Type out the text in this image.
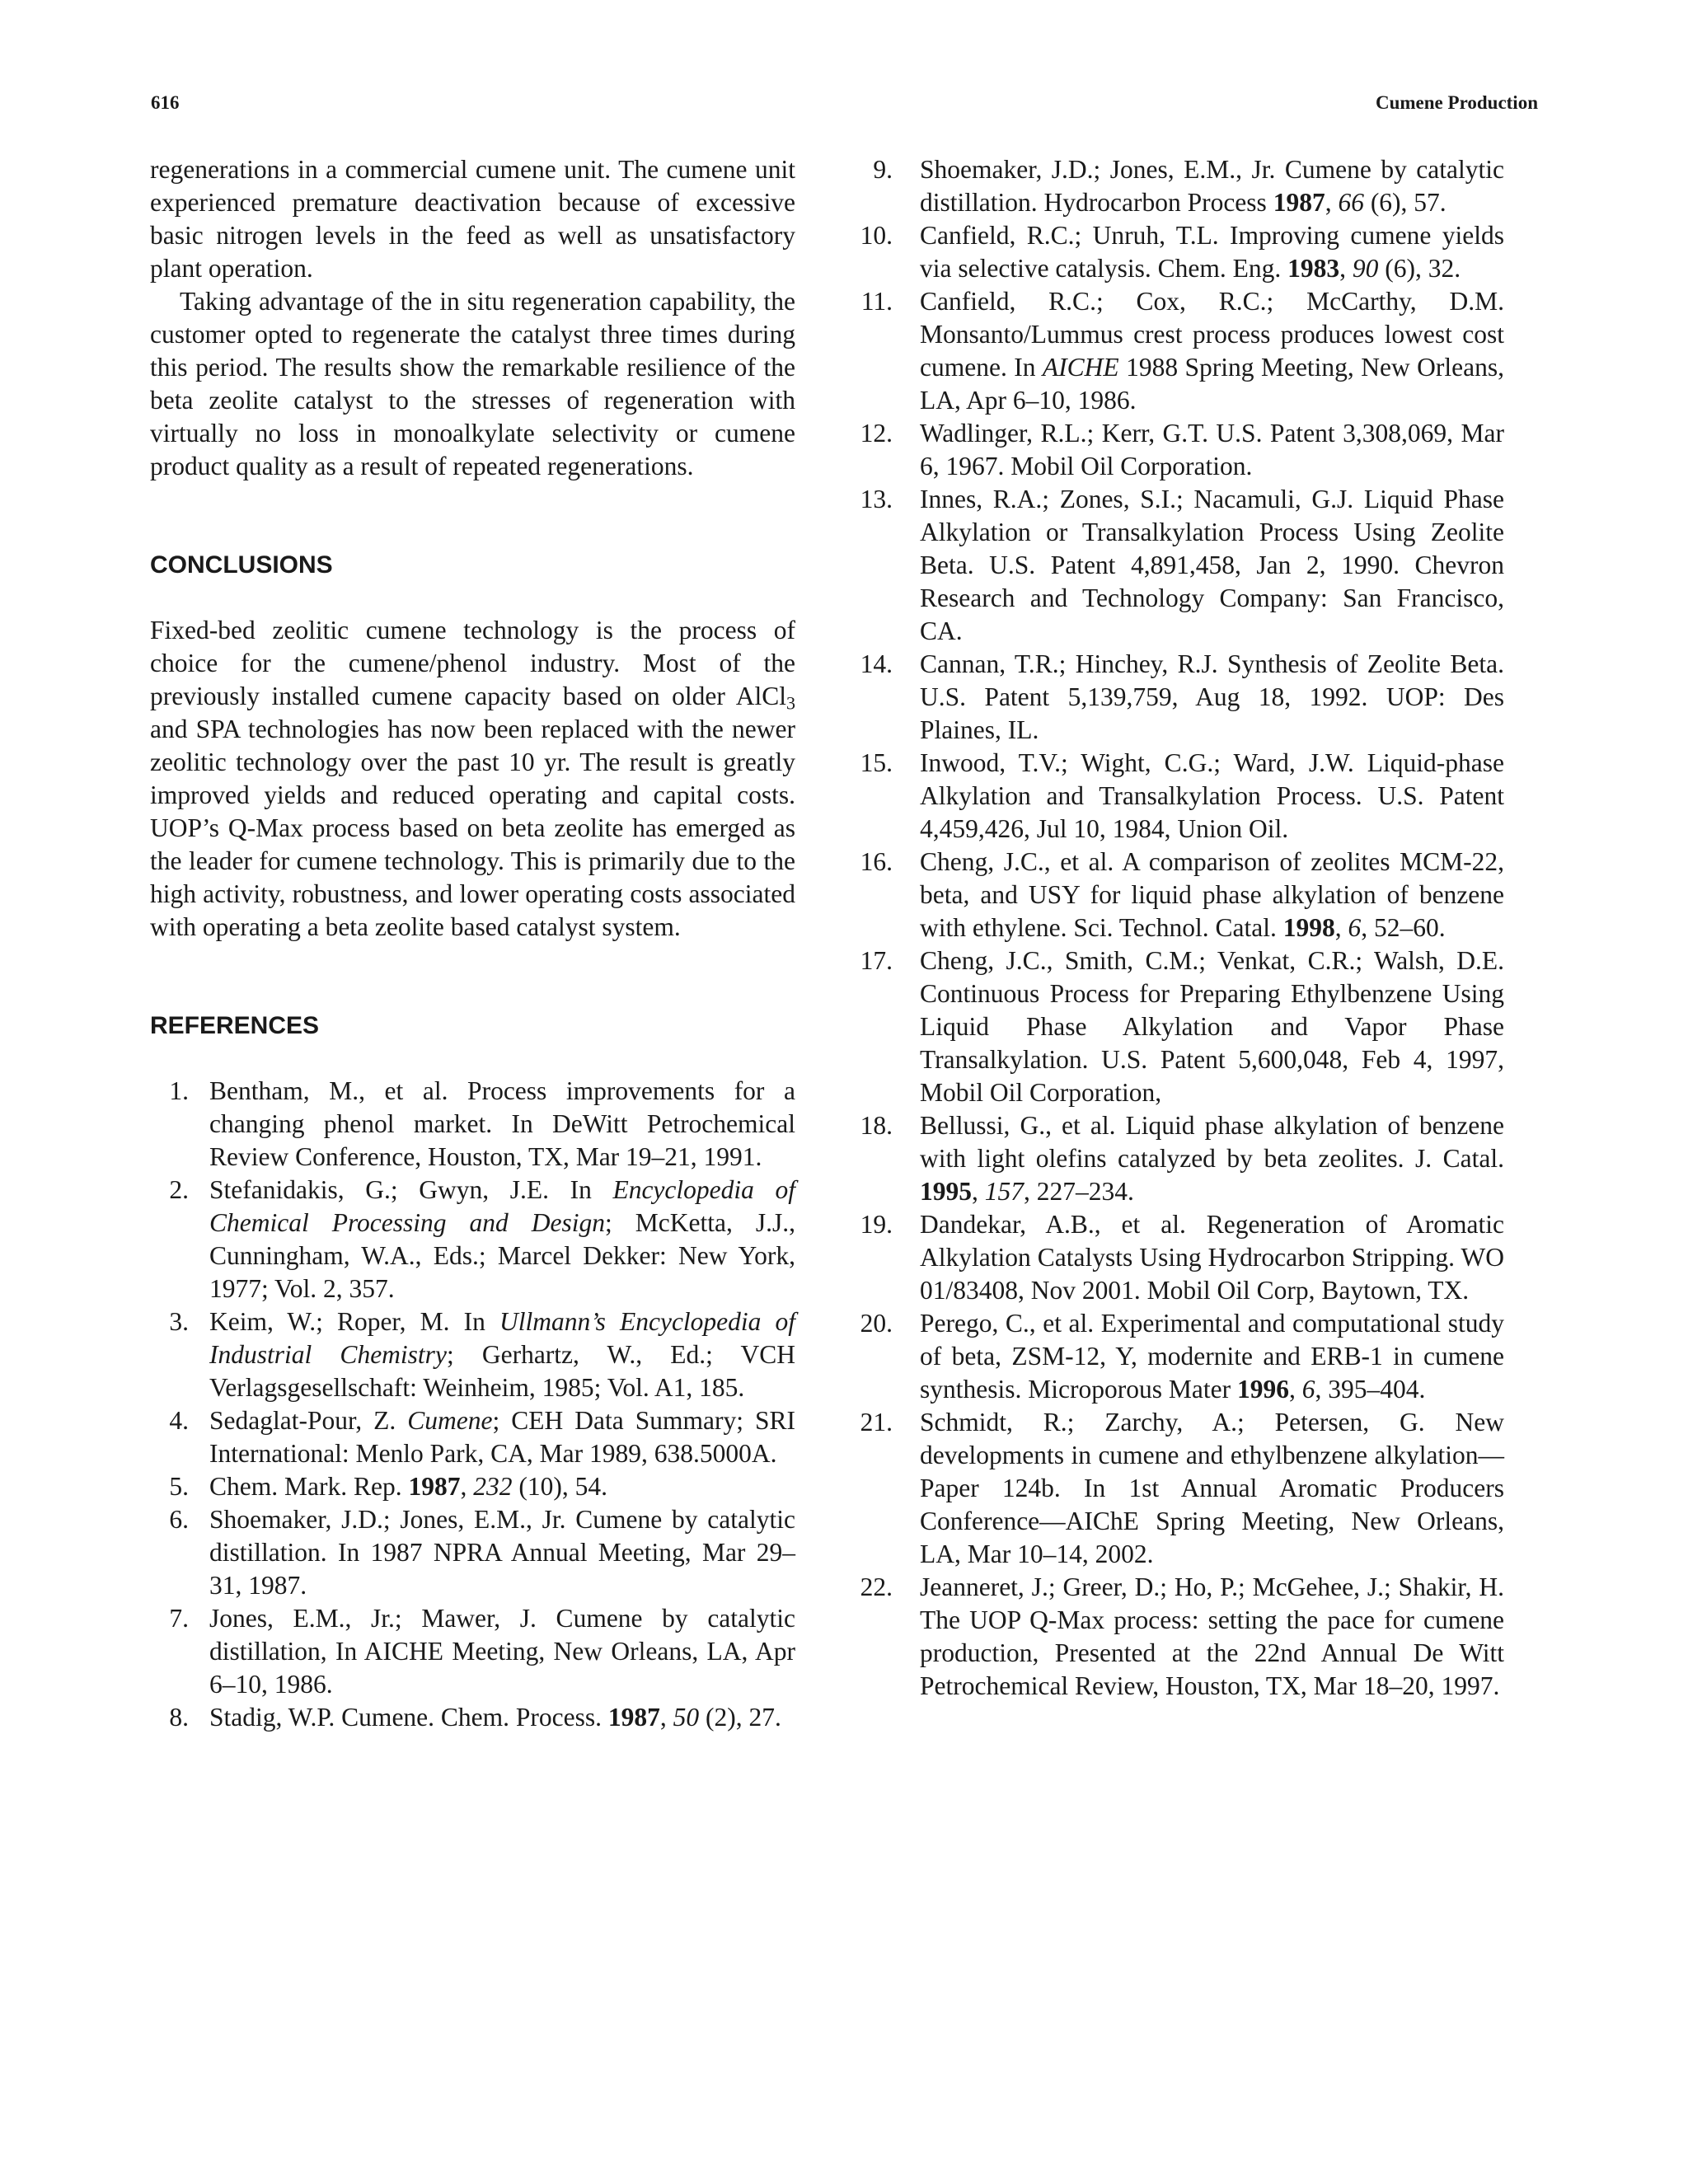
616	Cumene Production

regenerations in a commercial cumene unit. The cumene unit experienced premature deactivation because of excessive basic nitrogen levels in the feed as well as unsatisfactory plant operation.

Taking advantage of the in situ regeneration capability, the customer opted to regenerate the catalyst three times during this period. The results show the remarkable resilience of the beta zeolite catalyst to the stresses of regeneration with virtually no loss in monoalkylate selectivity or cumene product quality as a result of repeated regenerations.

CONCLUSIONS

Fixed-bed zeolitic cumene technology is the process of choice for the cumene/phenol industry. Most of the previously installed cumene capacity based on older AlCl$_3$ and SPA technologies has now been replaced with the newer zeolitic technology over the past 10 yr. The result is greatly improved yields and reduced operating and capital costs. UOP’s Q-Max process based on beta zeolite has emerged as the leader for cumene technology. This is primarily due to the high activity, robustness, and lower operating costs associated with operating a beta zeolite based catalyst system.

REFERENCES
1. Bentham, M., et al. Process improvements for a changing phenol market. In DeWitt Petrochemical Review Conference, Houston, TX, Mar 19–21, 1991.
2. Stefanidakis, G.; Gwyn, J.E. In Encyclopedia of Chemical Processing and Design; McKetta, J.J., Cunningham, W.A., Eds.; Marcel Dekker: New York, 1977; Vol. 2, 357.
3. Keim, W.; Roper, M. In Ullmann’s Encyclopedia of Industrial Chemistry; Gerhartz, W., Ed.; VCH Verlagsgesellschaft: Weinheim, 1985; Vol. A1, 185.
4. Sedaglat-Pour, Z. Cumene; CEH Data Summary; SRI International: Menlo Park, CA, Mar 1989, 638.5000A.
5. Chem. Mark. Rep. 1987, 232 (10), 54.
6. Shoemaker, J.D.; Jones, E.M., Jr. Cumene by catalytic distillation. In 1987 NPRA Annual Meeting, Mar 29–31, 1987.
7. Jones, E.M., Jr.; Mawer, J. Cumene by catalytic distillation, In AICHE Meeting, New Orleans, LA, Apr 6–10, 1986.
8. Stadig, W.P. Cumene. Chem. Process. 1987, 50 (2), 27.
9. Shoemaker, J.D.; Jones, E.M., Jr. Cumene by catalytic distillation. Hydrocarbon Process 1987, 66 (6), 57.
10. Canfield, R.C.; Unruh, T.L. Improving cumene yields via selective catalysis. Chem. Eng. 1983, 90 (6), 32.
11. Canfield, R.C.; Cox, R.C.; McCarthy, D.M. Monsanto/Lummus crest process produces lowest cost cumene. In AICHE 1988 Spring Meeting, New Orleans, LA, Apr 6–10, 1986.
12. Wadlinger, R.L.; Kerr, G.T. U.S. Patent 3,308,069, Mar 6, 1967. Mobil Oil Corporation.
13. Innes, R.A.; Zones, S.I.; Nacamuli, G.J. Liquid Phase Alkylation or Transalkylation Process Using Zeolite Beta. U.S. Patent 4,891,458, Jan 2, 1990. Chevron Research and Technology Company: San Francisco, CA.
14. Cannan, T.R.; Hinchey, R.J. Synthesis of Zeolite Beta. U.S. Patent 5,139,759, Aug 18, 1992. UOP: Des Plaines, IL.
15. Inwood, T.V.; Wight, C.G.; Ward, J.W. Liquid-phase Alkylation and Transalkylation Process. U.S. Patent 4,459,426, Jul 10, 1984, Union Oil.
16. Cheng, J.C., et al. A comparison of zeolites MCM-22, beta, and USY for liquid phase alkylation of benzene with ethylene. Sci. Technol. Catal. 1998, 6, 52–60.
17. Cheng, J.C., Smith, C.M.; Venkat, C.R.; Walsh, D.E. Continuous Process for Preparing Ethylbenzene Using Liquid Phase Alkylation and Vapor Phase Transalkylation. U.S. Patent 5,600,048, Feb 4, 1997, Mobil Oil Corporation,
18. Bellussi, G., et al. Liquid phase alkylation of benzene with light olefins catalyzed by beta zeolites. J. Catal. 1995, 157, 227–234.
19. Dandekar, A.B., et al. Regeneration of Aromatic Alkylation Catalysts Using Hydrocarbon Stripping. WO 01/83408, Nov 2001. Mobil Oil Corp, Baytown, TX.
20. Perego, C., et al. Experimental and computational study of beta, ZSM-12, Y, modernite and ERB-1 in cumene synthesis. Microporous Mater 1996, 6, 395–404.
21. Schmidt, R.; Zarchy, A.; Petersen, G. New developments in cumene and ethylbenzene alkylation—Paper 124b. In 1st Annual Aromatic Producers Conference—AIChE Spring Meeting, New Orleans, LA, Mar 10–14, 2002.
22. Jeanneret, J.; Greer, D.; Ho, P.; McGehee, J.; Shakir, H. The UOP Q-Max process: setting the pace for cumene production, Presented at the 22nd Annual De Witt Petrochemical Review, Houston, TX, Mar 18–20, 1997.
